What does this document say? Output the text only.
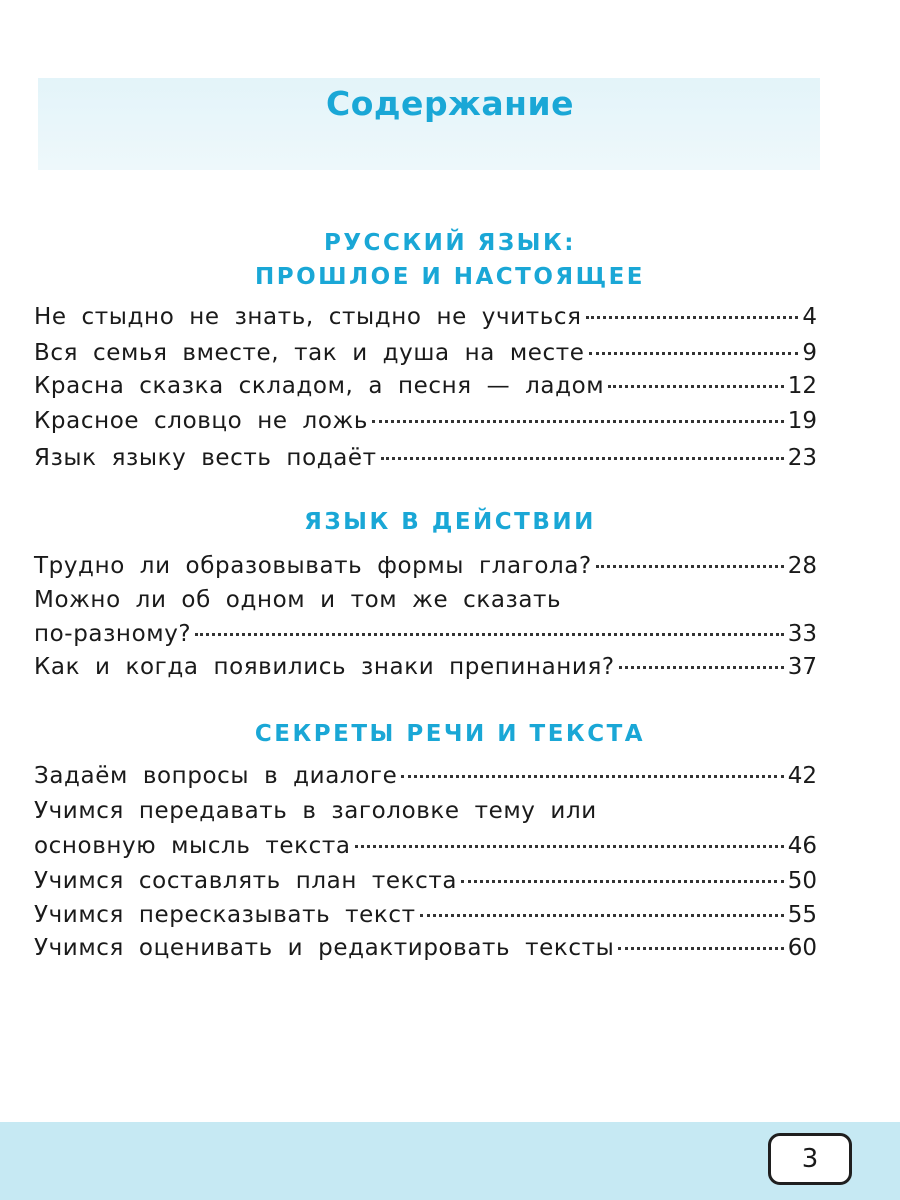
Содержание
РУССКИЙ ЯЗЫК:
ПРОШЛОЕ И НАСТОЯЩЕЕ
Не стыдно не знать, стыдно не учиться	4
Вся семья вместе, так и душа на месте	9
Красна сказка складом, а песня — ладом	12
Красное словцо не ложь	19
Язык языку весть подаёт	23
ЯЗЫК В ДЕЙСТВИИ
Трудно ли образовывать формы глагола?	28
Можно ли об одном и том же сказать
по-разному?	33
Как и когда появились знаки препинания?	37
СЕКРЕТЫ РЕЧИ И ТЕКСТА
Задаём вопросы в диалоге	42
Учимся передавать в заголовке тему или
основную мысль текста	46
Учимся составлять план текста	50
Учимся пересказывать текст	55
Учимся оценивать и редактировать тексты	60
3
